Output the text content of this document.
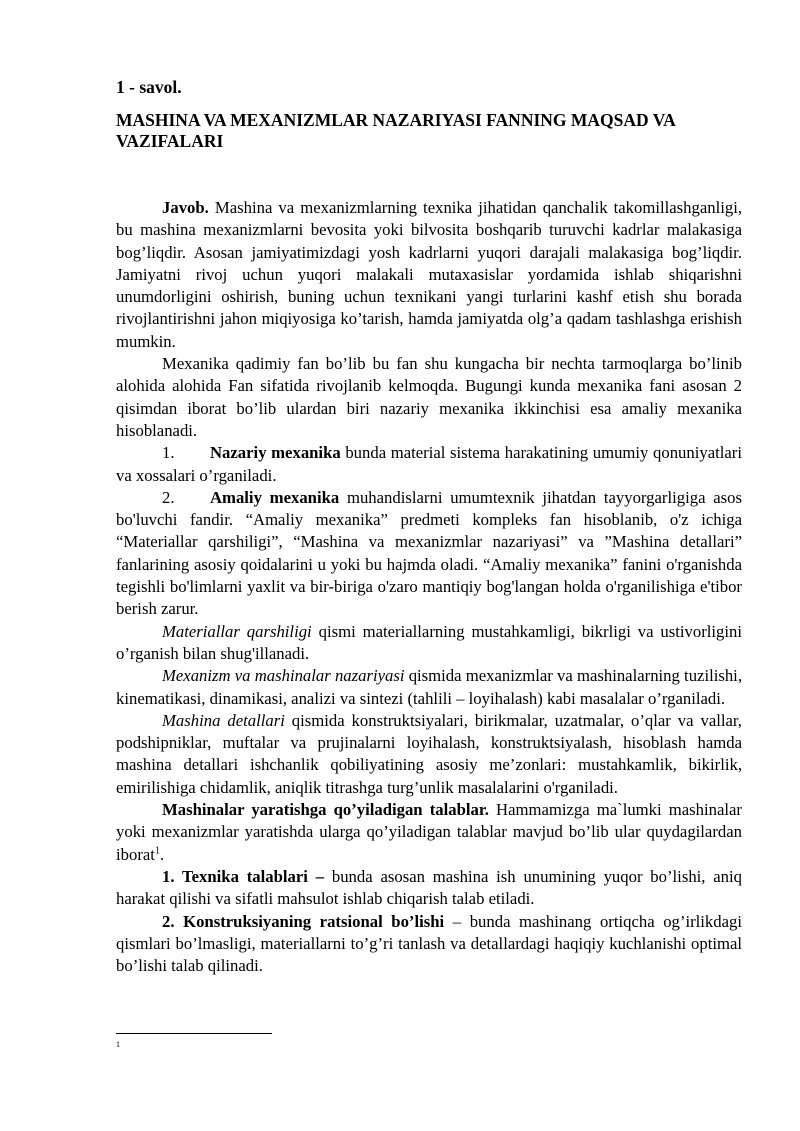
1 - savol.

MASHINA VA MEXANIZMLAR NAZARIYASI FANNING MAQSAD VA VAZIFALARI

Javob. Mashina va mexanizmlarning texnika jihatidan qanchalik takomillashganligi, bu mashina mexanizmlarni bevosita yoki bilvosita boshqarib turuvchi kadrlar malakasiga bog’liqdir. Asosan jamiyatimizdagi yosh kadrlarni yuqori darajali malakasiga bog’liqdir. Jamiyatni rivoj uchun yuqori malakali mutaxasislar yordamida ishlab shiqarishni unumdorligini oshirish, buning uchun texnikani yangi turlarini kashf etish shu borada rivojlantirishni jahon miqiyosiga ko’tarish, hamda jamiyatda olg’a qadam tashlashga erishish mumkin.

Mexanika qadimiy fan bo’lib bu fan shu kungacha bir nechta tarmoqlarga bo’linib alohida alohida Fan sifatida rivojlanib kelmoqda. Bugungi kunda mexanika fani asosan 2 qisimdan iborat bo’lib ulardan biri nazariy mexanika ikkinchisi esa amaliy mexanika hisoblanadi.

1. Nazariy mexanika bunda material sistema harakatining umumiy qonuniyatlari va xossalari o’rganiladi.

2. Amaliy mexanika muhandislarni umumtexnik jihatdan tayyorgarligiga asos bo'luvchi fandir. “Amaliy mexanika” predmeti kompleks fan hisoblanib, o'z ichiga “Materiallar qarshiligi”, “Mashina va mexanizmlar nazariyasi” va ”Mashina detallari” fanlarining asosiy qoidalarini u yoki bu hajmda oladi. “Amaliy mexanika” fanini o'rganishda tegishli bo'limlarni yaxlit va bir-biriga o'zaro mantiqiy bog'langan holda o'rganilishiga e'tibor berish zarur.

Materiallar qarshiligi qismi materiallarning mustahkamligi, bikrligi va ustivorligini o’rganish bilan shug'illanadi.

Mexanizm va mashinalar nazariyasi qismida mexanizmlar va mashinalarning tuzilishi, kinematikasi, dinamikasi, analizi va sintezi (tahlili – loyihalash) kabi masalalar o’rganiladi.

Mashina detallari qismida konstruktsiyalari, birikmalar, uzatmalar, o’qlar va vallar, podshipniklar, muftalar va prujinalarni loyihalash, konstruktsiyalash, hisoblash hamda mashina detallari ishchanlik qobiliyatining asosiy me’zonlari: mustahkamlik, bikirlik, emirilishiga chidamlik, aniqlik titrashga turg’unlik masalalarini o'rganiladi.

Mashinalar yaratishga qo’yiladigan talablar. Hammamizga ma`lumki mashinalar yoki mexanizmlar yaratishda ularga qo’yiladigan talablar mavjud bo’lib ular quydagilardan iborat$^1$.

1. Texnika talablari – bunda asosan mashina ish unumining yuqor bo’lishi, aniq harakat qilishi va sifatli mahsulot ishlab chiqarish talab etiladi.

2. Konstruksiyaning ratsional bo’lishi – bunda mashinang ortiqcha og’irlikdagi qismlari bo’lmasligi, materiallarni to’g’ri tanlash va detallardagi haqiqiy kuchlanishi optimal bo’lishi talab qilinadi.

1
